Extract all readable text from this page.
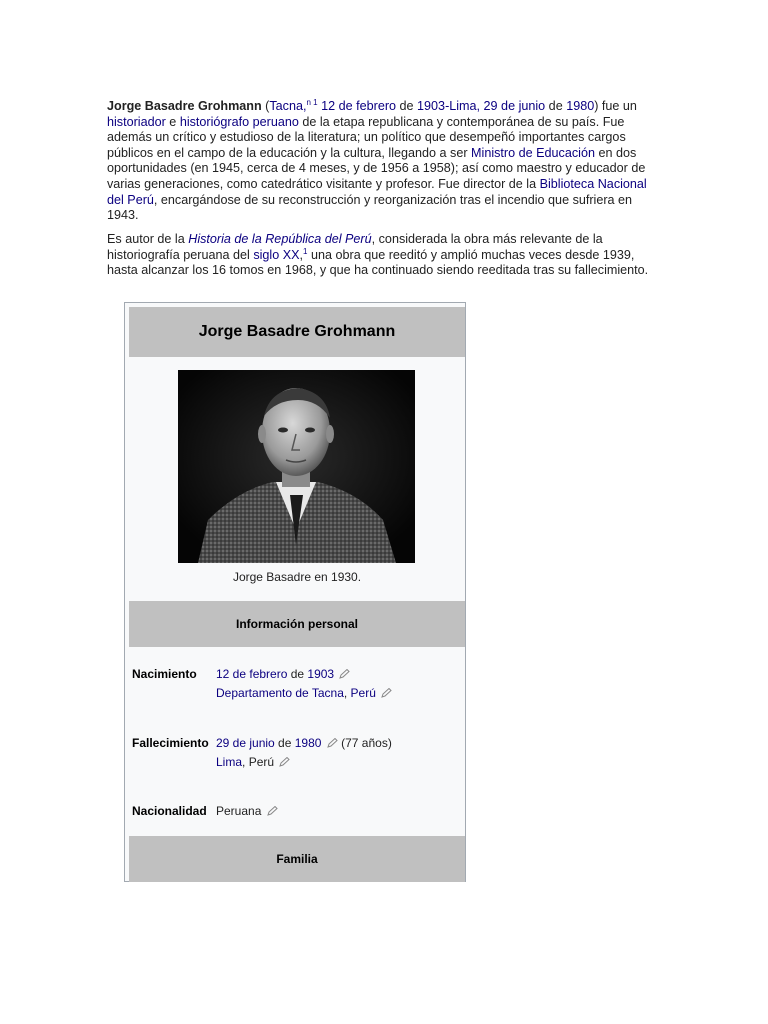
Jorge Basadre Grohmann (Tacna,$^{n 1}$ 12 de febrero de 1903-Lima, 29 de junio de 1980) fue un historiador e historiógrafo peruano de la etapa republicana y contemporánea de su país. Fue además un crítico y estudioso de la literatura; un político que desempeñó importantes cargos públicos en el campo de la educación y la cultura, llegando a ser Ministro de Educación en dos oportunidades (en 1945, cerca de 4 meses, y de 1956 a 1958); así como maestro y educador de varias generaciones, como catedrático visitante y profesor. Fue director de la Biblioteca Nacional del Perú, encargándose de su reconstrucción y reorganización tras el incendio que sufriera en 1943.

Es autor de la Historia de la República del Perú, considerada la obra más relevante de la historiografía peruana del siglo XX,$^1$ una obra que reeditó y amplió muchas veces desde 1939, hasta alcanzar los 16 tomos en 1968, y que ha continuado siendo reeditada tras su fallecimiento.

Jorge Basadre Grohmann
Jorge Basadre en 1930.
Información personal
Nacimiento 12 de febrero de 1903
Departamento de Tacna, Perú
Fallecimiento 29 de junio de 1980  (77 años)
Lima, Perú
Nacionalidad Peruana
Familia
